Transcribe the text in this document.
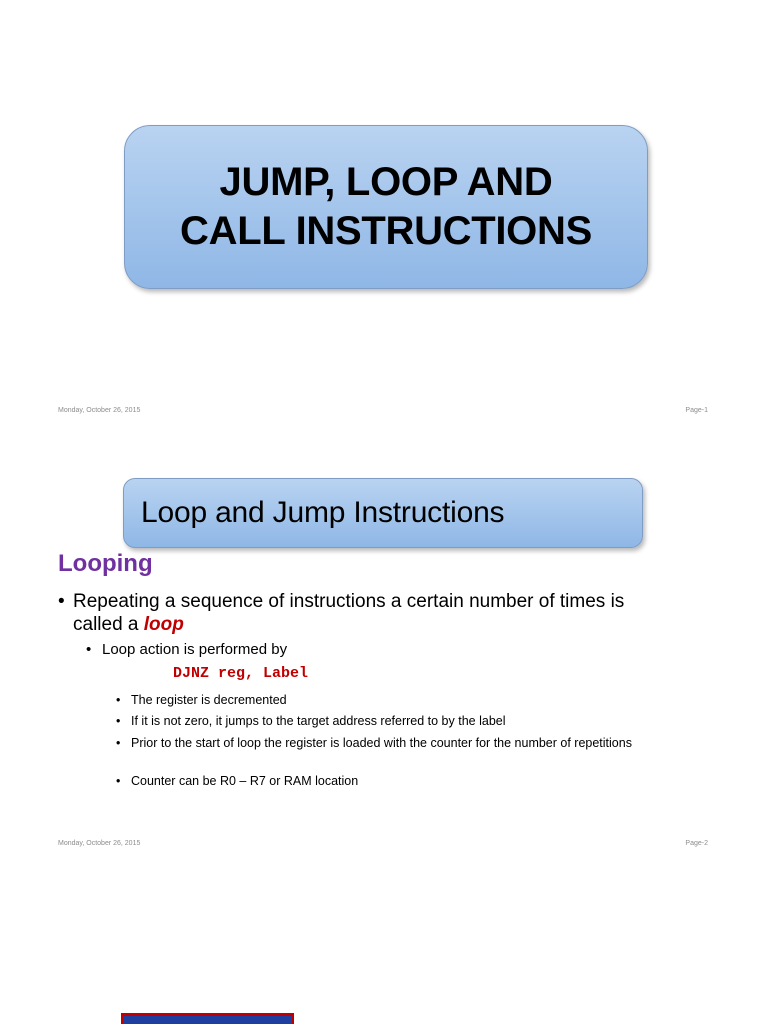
JUMP, LOOP AND
CALL INSTRUCTIONS
Monday, October 26, 2015	Page-1
Loop and Jump Instructions
Looping
• Repeating a sequence of instructions a certain number of times is called a loop
• Loop action is performed by
DJNZ reg, Label
• The register is decremented
• If it is not zero, it jumps to the target address referred to by the label
• Prior to the start of loop the register is loaded with the counter for the number of repetitions
• Counter can be R0 – R7 or RAM location
Monday, October 26, 2015	Page-2
